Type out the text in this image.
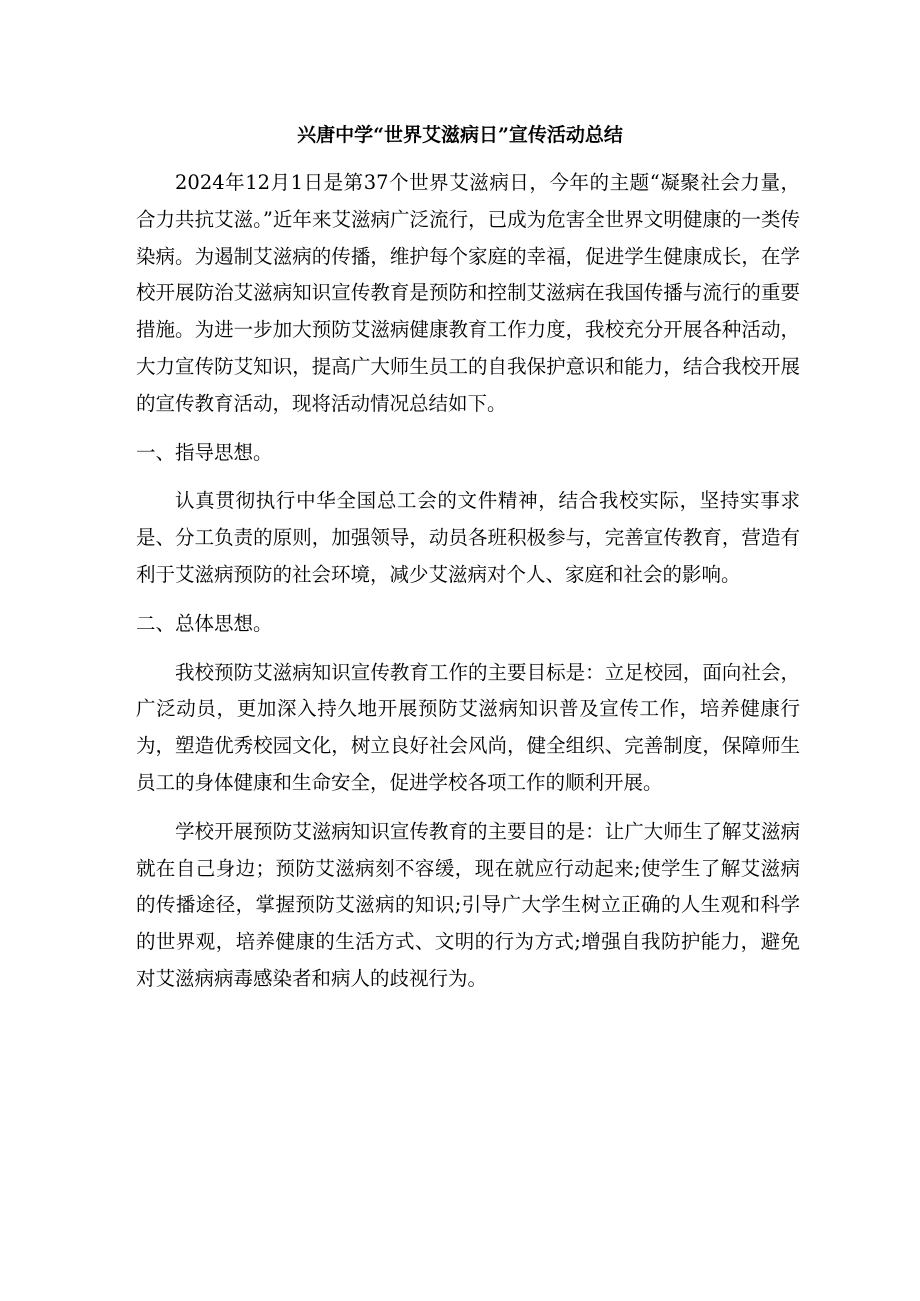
兴唐中学“世界艾滋病日”宣传活动总结

2024年12月1日是第37个世界艾滋病日，今年的主题“凝聚社会力量，合力共抗艾滋。”近年来艾滋病广泛流行，已成为危害全世界文明健康的一类传染病。为遏制艾滋病的传播，维护每个家庭的幸福，促进学生健康成长，在学校开展防治艾滋病知识宣传教育是预防和控制艾滋病在我国传播与流行的重要措施。为进一步加大预防艾滋病健康教育工作力度，我校充分开展各种活动，大力宣传防艾知识，提高广大师生员工的自我保护意识和能力，结合我校开展的宣传教育活动，现将活动情况总结如下。

一、指导思想。

认真贯彻执行中华全国总工会的文件精神，结合我校实际，坚持实事求是、分工负责的原则，加强领导，动员各班积极参与，完善宣传教育，营造有利于艾滋病预防的社会环境，减少艾滋病对个人、家庭和社会的影响。

二、总体思想。

我校预防艾滋病知识宣传教育工作的主要目标是：立足校园，面向社会，广泛动员，更加深入持久地开展预防艾滋病知识普及宣传工作，培养健康行为，塑造优秀校园文化，树立良好社会风尚，健全组织、完善制度，保障师生员工的身体健康和生命安全，促进学校各项工作的顺利开展。

学校开展预防艾滋病知识宣传教育的主要目的是：让广大师生了解艾滋病就在自己身边；预防艾滋病刻不容缓，现在就应行动起来;使学生了解艾滋病的传播途径，掌握预防艾滋病的知识;引导广大学生树立正确的人生观和科学的世界观，培养健康的生活方式、文明的行为方式;增强自我防护能力，避免对艾滋病病毒感染者和病人的歧视行为。
